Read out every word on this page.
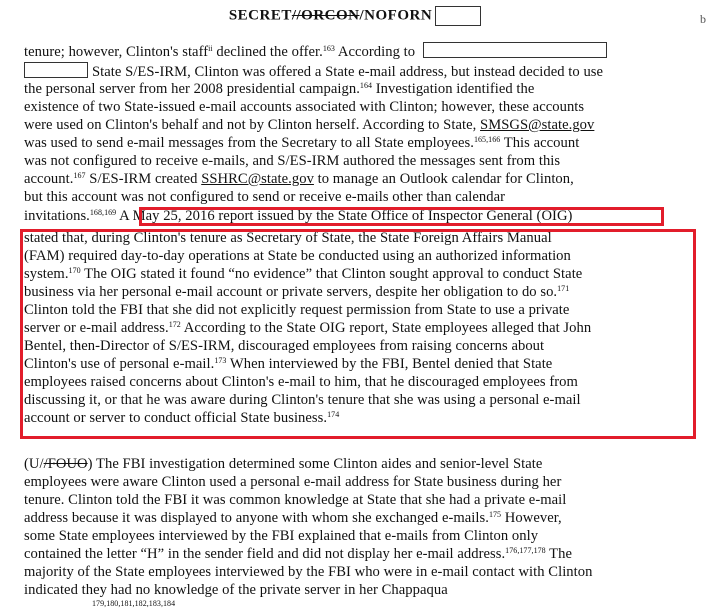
SECRET//ORCON/NOFORN	b
tenure; however, Clinton's staff$^{ii}$ declined the offer.$^{163}$ According to
State S/ES-IRM, Clinton was offered a State e-mail address, but instead decided to use
the personal server from her 2008 presidential campaign.$^{164}$ Investigation identified the
existence of two State-issued e-mail accounts associated with Clinton; however, these accounts
were used on Clinton's behalf and not by Clinton herself. According to State, SMSGS@state.gov
was used to send e-mail messages from the Secretary to all State employees.$^{165,166}$ This account
was not configured to receive e-mails, and S/ES-IRM authored the messages sent from this
account.$^{167}$ S/ES-IRM created SSHRC@state.gov to manage an Outlook calendar for Clinton,
but this account was not configured to send or receive e-mails other than calendar
invitations.$^{168,169}$ A May 25, 2016 report issued by the State Office of Inspector General (OIG)
stated that, during Clinton's tenure as Secretary of State, the State Foreign Affairs Manual
(FAM) required day-to-day operations at State be conducted using an authorized information
system.$^{170}$ The OIG stated it found “no evidence” that Clinton sought approval to conduct State
business via her personal e-mail account or private servers, despite her obligation to do so.$^{171}$
Clinton told the FBI that she did not explicitly request permission from State to use a private
server or e-mail address.$^{172}$ According to the State OIG report, State employees alleged that John
Bentel, then-Director of S/ES-IRM, discouraged employees from raising concerns about
Clinton's use of personal e-mail.$^{173}$ When interviewed by the FBI, Bentel denied that State
employees raised concerns about Clinton's e-mail to him, that he discouraged employees from
discussing it, or that he was aware during Clinton's tenure that she was using a personal e-mail
account or server to conduct official State business.$^{174}$
(U//FOUO) The FBI investigation determined some Clinton aides and senior-level State
employees were aware Clinton used a personal e-mail address for State business during her
tenure. Clinton told the FBI it was common knowledge at State that she had a private e-mail
address because it was displayed to anyone with whom she exchanged e-mails.$^{175}$ However,
some State employees interviewed by the FBI explained that e-mails from Clinton only
contained the letter “H” in the sender field and did not display her e-mail address.$^{176,177,178}$ The
majority of the State employees interviewed by the FBI who were in e-mail contact with Clinton
indicated they had no knowledge of the private server in her Chappaqua
$^{179,180,181,182,183,184}$
